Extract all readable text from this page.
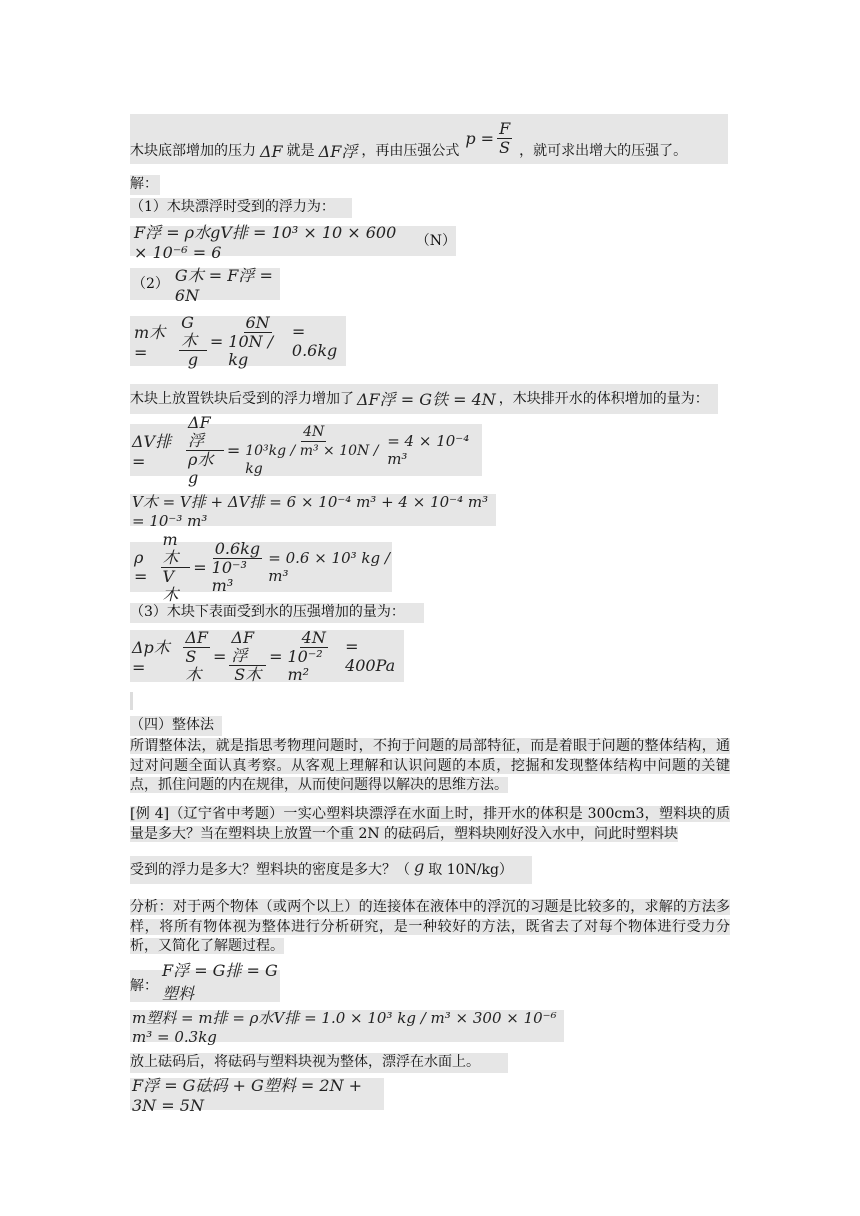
木块底部增加的压力 ΔF 就是 ΔF浮 ，再由压强公式
$p = \frac{F}{S}$ ，就可求出增大的压强了。
解：
（1）木块漂浮时受到的浮力为：
F浮 = ρ水gV排 = 10³ × 10 × 600 × 10⁻⁶ = 6
（N）
（2） G木 = F浮 = 6N
m木 =	$\frac{\text{G木}}{g} = \frac{6N}{10N / kg} = 0.6kg$
木块上放置铁块后受到的浮力增加了 ΔF浮 = G铁 = 4N ，木块排开水的体积增加的量为：
ΔV排 =	$\frac{\text{ΔF浮}}{\text{ρ水g}} = \frac{4N}{\text{10³kg / m³ × 10N / kg}} = 4 \times 10^{-4}$ m³
V木 = V排 + ΔV排 = 6 × 10⁻⁴ m³ + 4 × 10⁻⁴ m³ = 10⁻³ m³
$\rho = \frac{\text{m木}}{\text{V木}} = \frac{0.6kg}{\text{10⁻³ m³}} = 0.6 \times 10^3$ kg / m³
（3）木块下表面受到水的压强增加的量为：
Δp木 =	$\frac{\Delta F}{\text{S木}} = \frac{\text{ΔF浮}}{\text{S木}} = \frac{4N}{\text{10⁻² m²}} = 400Pa$
（四）整体法
所谓整体法，就是指思考物理问题时，不拘于问题的局部特征，而是着眼于问题的整体结构，通过对问题全面认真考察。从客观上理解和认识问题的本质，挖掘和发现整体结构中问题的关键点，抓住问题的内在规律，从而使问题得以解决的思维方法。
[例 4]（辽宁省中考题）一实心塑料块漂浮在水面上时，排开水的体积是 300cm3，塑料块的质量是多大？当在塑料块上放置一个重 2N 的砝码后，塑料块刚好没入水中，问此时塑料块
受到的浮力是多大？塑料块的密度是多大？（ g 取 10N/kg）
分析：对于两个物体（或两个以上）的连接体在液体中的浮沉的习题是比较多的，求解的方法多样，将所有物体视为整体进行分析研究，是一种较好的方法，既省去了对每个物体进行受力分析，又简化了解题过程。
解：
F浮 = G排 = G塑料
m塑料 = m排 = ρ水V排 = 1.0 × 10³ kg / m³ × 300 × 10⁻⁶ m³ = 0.3kg
放上砝码后，将砝码与塑料块视为整体，漂浮在水面上。
F浮 = G砝码 + G塑料 = 2N + 3N = 5N
